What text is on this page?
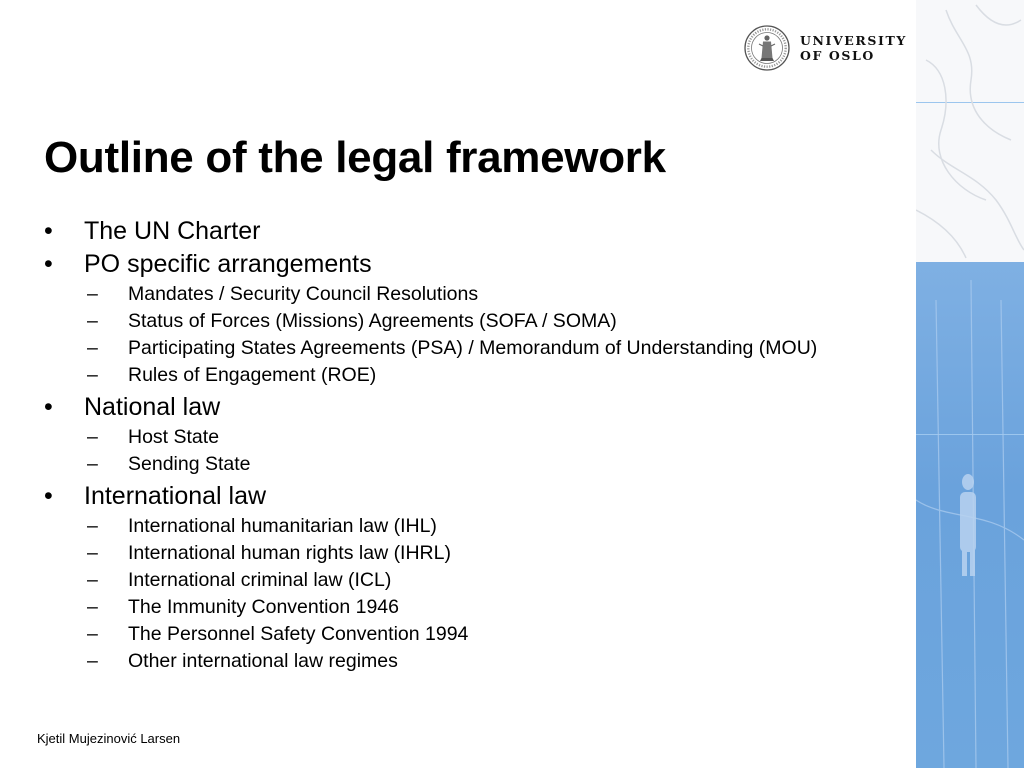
UNIVERSITY
OF OSLO
Outline of the legal framework
• The UN Charter
• PO specific arrangements
– Mandates / Security Council Resolutions
– Status of Forces (Missions) Agreements (SOFA / SOMA)
– Participating States Agreements (PSA) / Memorandum of Understanding (MOU)
– Rules of Engagement (ROE)
• National law
– Host State
– Sending State
• International law
– International humanitarian law (IHL)
– International human rights law (IHRL)
– International criminal law (ICL)
– The Immunity Convention 1946
– The Personnel Safety Convention 1994
– Other international law regimes
Kjetil Mujezinović Larsen
